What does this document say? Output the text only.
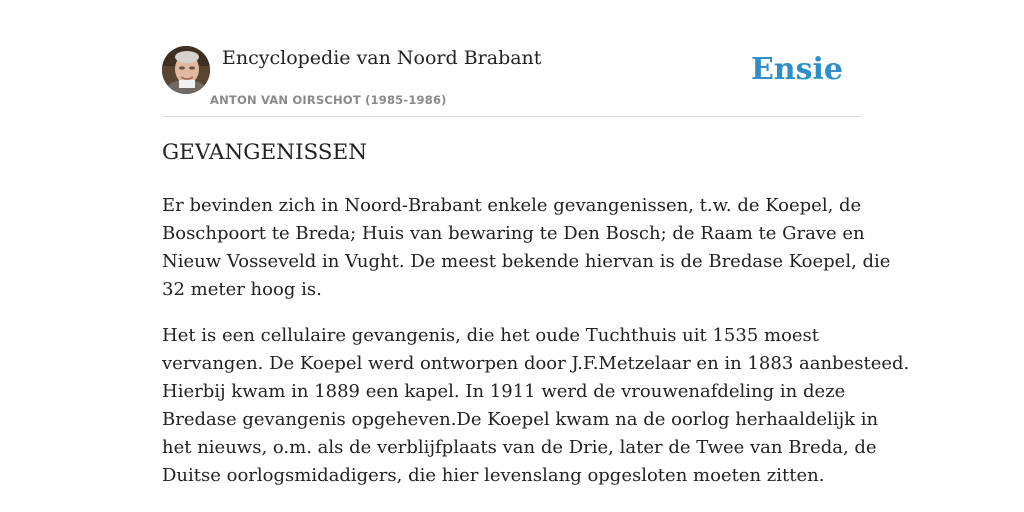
Encyclopedie van Noord Brabant
ANTON VAN OIRSCHOT (1985-1986)
Ensie
GEVANGENISSEN

Er bevinden zich in Noord-Brabant enkele gevangenissen, t.w. de Koepel, de
Boschpoort te Breda; Huis van bewaring te Den Bosch; de Raam te Grave en
Nieuw Vosseveld in Vught. De meest bekende hiervan is de Bredase Koepel, die
32 meter hoog is.

Het is een cellulaire gevangenis, die het oude Tuchthuis uit 1535 moest
vervangen. De Koepel werd ontworpen door J.F.Metzelaar en in 1883 aanbesteed.
Hierbij kwam in 1889 een kapel. In 1911 werd de vrouwenafdeling in deze
Bredase gevangenis opgeheven.De Koepel kwam na de oorlog herhaaldelijk in
het nieuws, o.m. als de verblijfplaats van de Drie, later de Twee van Breda, de
Duitse oorlogsmidadigers, die hier levenslang opgesloten moeten zitten.
